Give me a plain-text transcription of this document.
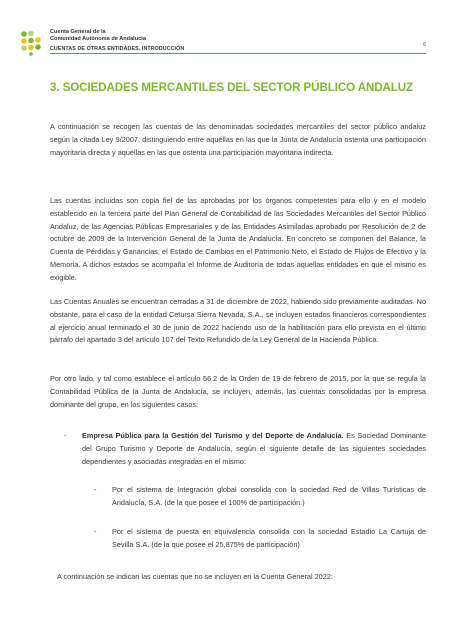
Cuenta General de la
Comunidad Autónoma de Andalucía
6
CUENTAS DE OTRAS ENTIDADES. INTRODUCCIÓN
3. SOCIEDADES MERCANTILES DEL SECTOR PÚBLICO ANDALUZ

A continuación se recogen las cuentas de las denominadas sociedades mercantiles del sector público andaluz según la citada Ley 9/2007, distinguiendo entre aquéllas en las que la Junta de Andalucía ostenta una participación mayoritaria directa y aquéllas en las que ostenta una participación mayoritaria indirecta.

Las cuentas incluidas son copia fiel de las aprobadas por los órganos competentes para ello y en el modelo establecido en la tercera parte del Plan General de Contabilidad de las Sociedades Mercantiles del Sector Público Andaluz, de las Agencias Públicas Empresariales y de las Entidades Asimiladas aprobado por Resolución de 2 de octubre de 2009 de la Intervención General de la Junta de Andalucía. En concreto se componen del Balance, la Cuenta de Pérdidas y Ganancias, el Estado de Cambios en el Patrimonio Neto, el Estado de Flujos de Efectivo y la Memoria. A dichos estados se acompaña el Informe de Auditoría de todas aquellas entidades en que el mismo es exigible.

Las Cuentas Anuales se encuentran cerradas a 31 de diciembre de 2022, habiendo sido previamente auditadas. No obstante, para el caso de la entidad Cetursa Sierra Nevada, S.A., se incluyen estados financieros correspondientes al ejercicio anual terminado el 30 de junio de 2022 haciendo uso de la habilitación para ello prevista en el último párrafo del apartado 3 del artículo 107 del Texto Refundido de la Ley General de la Hacienda Pública.

Por otro lado, y tal como establece el artículo 56.2 de la Orden de 19 de febrero de 2015, por la que se regula la Contabilidad Pública de la Junta de Andalucía, se incluyen, además, las cuentas consolidadas por la empresa dominante del grupo, en los siguientes casos:

-	Empresa Pública para la Gestión del Turismo y del Deporte de Andalucía. Es Sociedad Dominante del Grupo Turismo y Deporte de Andalucía, según el siguiente detalle de las siguientes sociedades dependientes y asociadas integradas en el mismo:

-	Por el sistema de Integración global consolida con la sociedad Red de Villas Turísticas de Andalucía, S.A. (de la que posee el 100% de participación.)

-	Por el sistema de puesta en equivalencia consolida con la sociedad Estadio La Cartuja de Sevilla S.A. (de la que posee el 25,875% de participación)

A continuación se indican las cuentas que no se incluyen en la Cuenta General 2022:
